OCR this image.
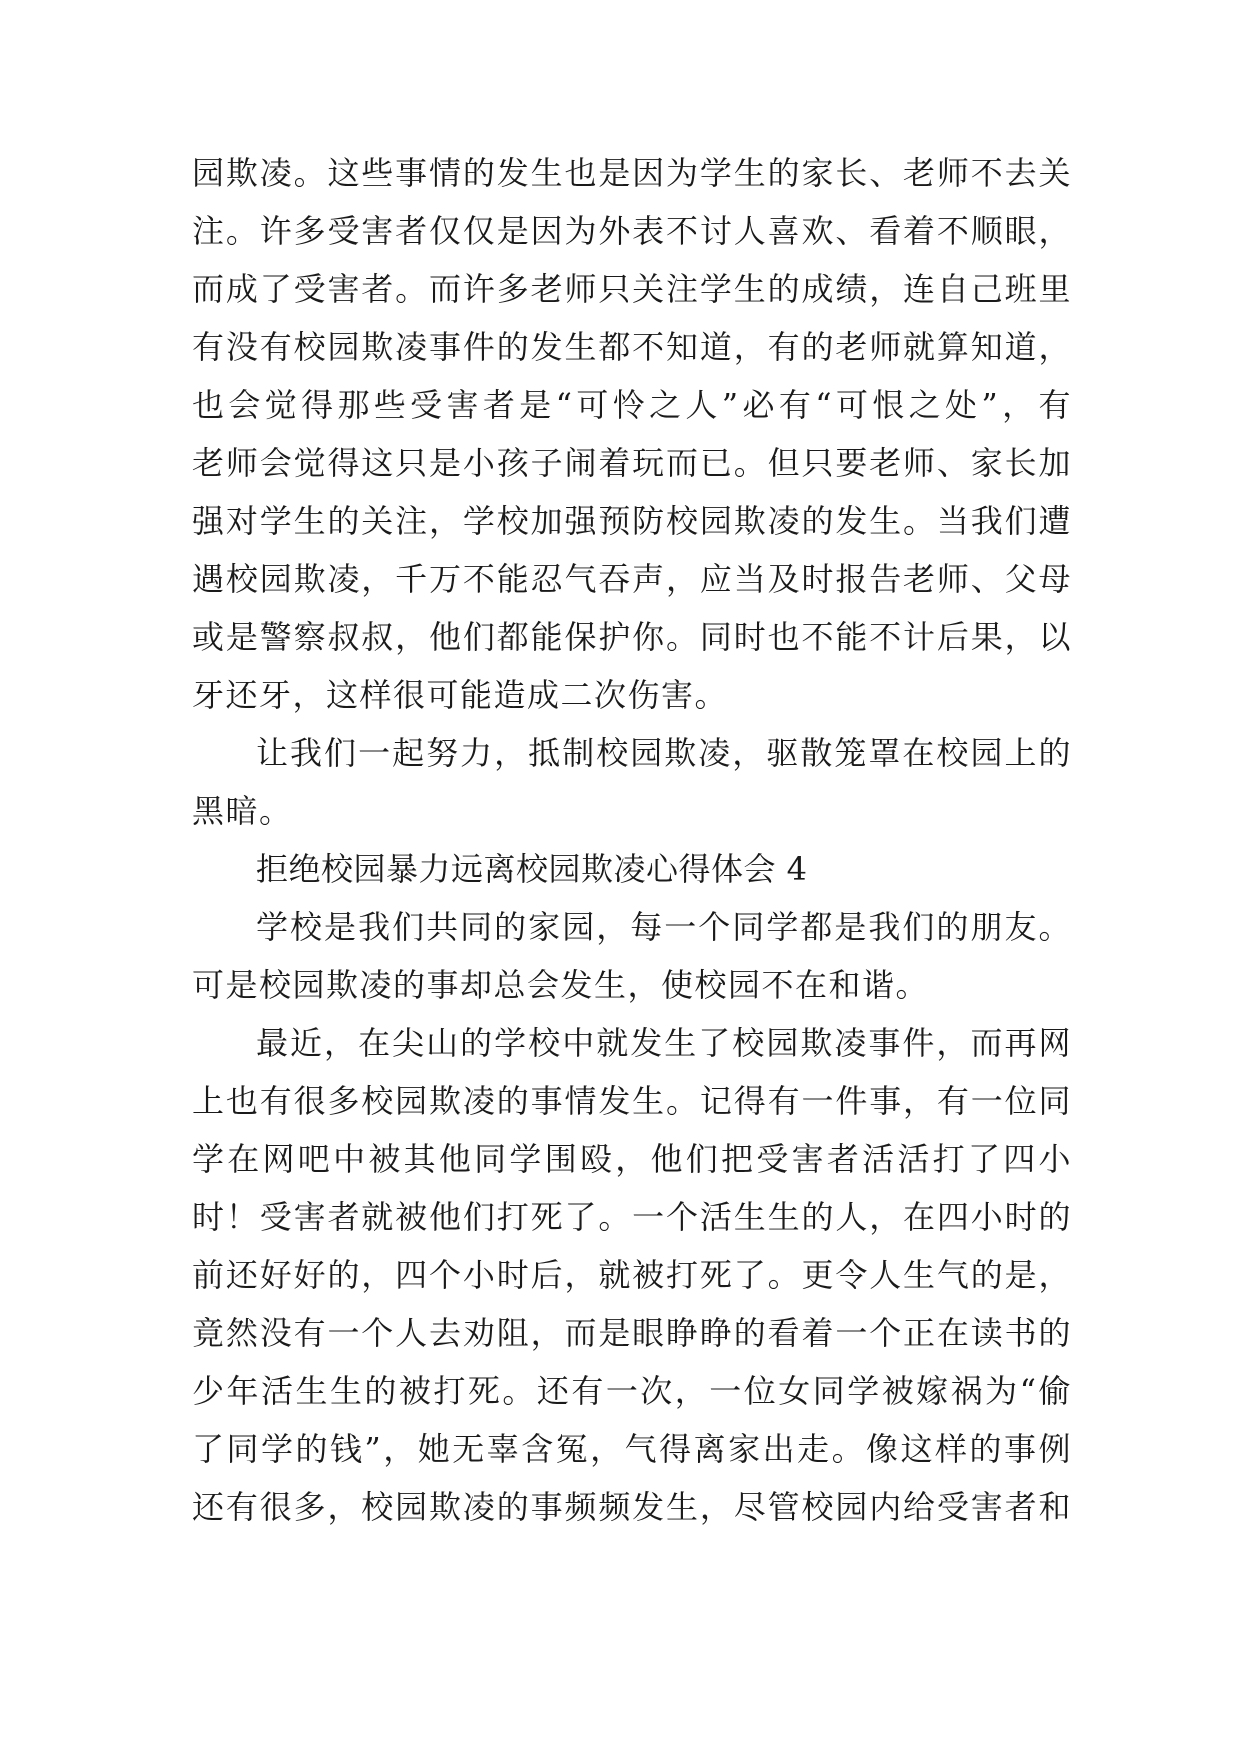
园欺凌。这些事情的发生也是因为学生的家长、老师不去关
注。许多受害者仅仅是因为外表不讨人喜欢、看着不顺眼，
而成了受害者。而许多老师只关注学生的成绩，连自己班里
有没有校园欺凌事件的发生都不知道，有的老师就算知道，
也会觉得那些受害者是“可怜之人”必有“可恨之处”，有
老师会觉得这只是小孩子闹着玩而已。但只要老师、家长加
强对学生的关注，学校加强预防校园欺凌的发生。当我们遭
遇校园欺凌，千万不能忍气吞声，应当及时报告老师、父母
或是警察叔叔，他们都能保护你。同时也不能不计后果，以
牙还牙，这样很可能造成二次伤害。
让我们一起努力，抵制校园欺凌，驱散笼罩在校园上的
黑暗。
拒绝校园暴力远离校园欺凌心得体会 4
学校是我们共同的家园，每一个同学都是我们的朋友。
可是校园欺凌的事却总会发生，使校园不在和谐。
最近，在尖山的学校中就发生了校园欺凌事件，而再网
上也有很多校园欺凌的事情发生。记得有一件事，有一位同
学在网吧中被其他同学围殴，他们把受害者活活打了四小
时！受害者就被他们打死了。一个活生生的人，在四小时的
前还好好的，四个小时后，就被打死了。更令人生气的是，
竟然没有一个人去劝阻，而是眼睁睁的看着一个正在读书的
少年活生生的被打死。还有一次，一位女同学被嫁祸为“偷
了同学的钱”，她无辜含冤，气得离家出走。像这样的事例
还有很多，校园欺凌的事频频发生，尽管校园内给受害者和
